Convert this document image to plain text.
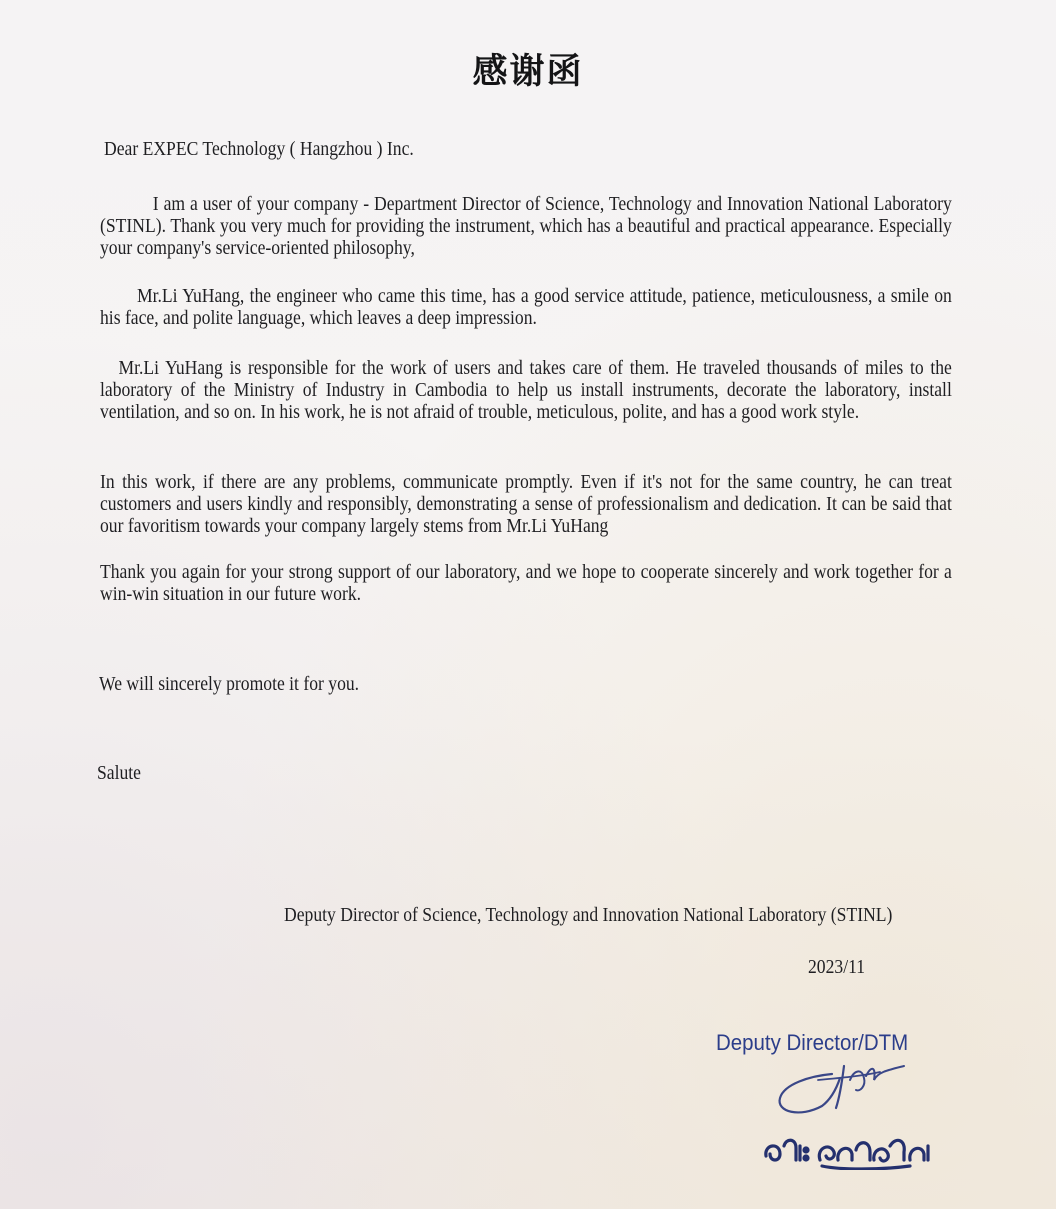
感谢函
Dear EXPEC Technology ( Hangzhou ) Inc.
I am a user of your company - Department Director of Science, Technology and Innovation National Laboratory (STINL). Thank you very much for providing the instrument, which has a beautiful and practical appearance. Especially your company's service-oriented philosophy,
Mr.Li YuHang, the engineer who came this time, has a good service attitude, patience, meticulousness, a smile on his face, and polite language, which leaves a deep impression.
Mr.Li YuHang is responsible for the work of users and takes care of them. He traveled thousands of miles to the laboratory of the Ministry of Industry in Cambodia to help us install instruments, decorate the laboratory, install ventilation, and so on. In his work, he is not afraid of trouble, meticulous, polite, and has a good work style.
In this work, if there are any problems, communicate promptly. Even if it's not for the same country, he can treat customers and users kindly and responsibly, demonstrating a sense of professionalism and dedication. It can be said that our favoritism towards your company largely stems from Mr.Li YuHang
Thank you again for your strong support of our laboratory, and we hope to cooperate sincerely and work together for a win-win situation in our future work.
We will sincerely promote it for you.
Salute
Deputy Director of Science, Technology and Innovation National Laboratory (STINL)
2023/11
Deputy Director/DTM
